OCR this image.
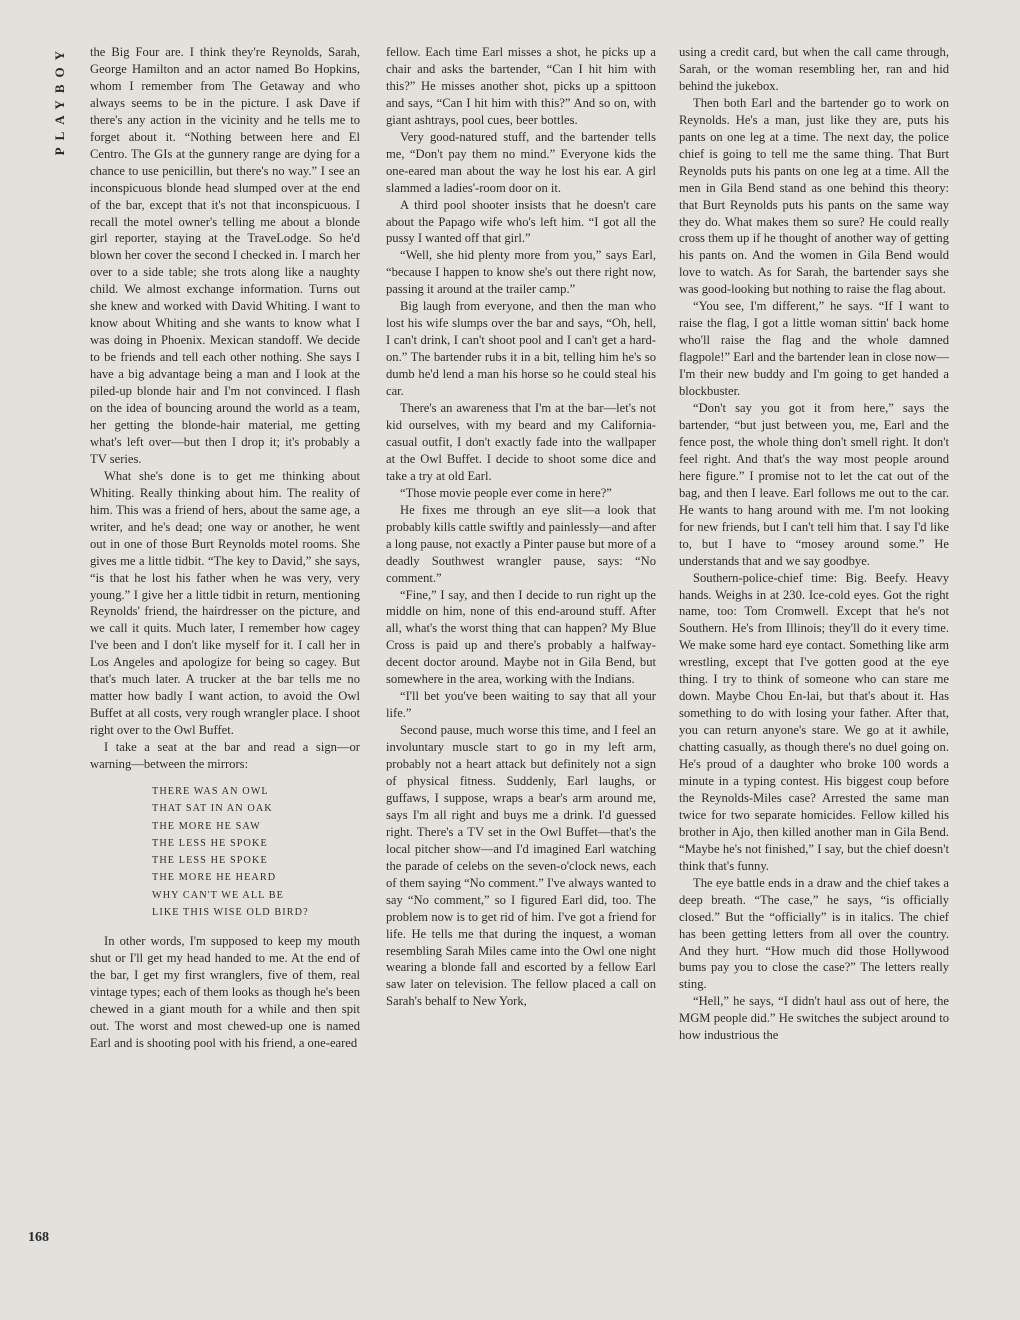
PLAYBOY
168

the Big Four are. I think they're Reynolds, Sarah, George Hamilton and an actor named Bo Hopkins, whom I remember from The Getaway and who always seems to be in the picture. I ask Dave if there's any action in the vicinity and he tells me to forget about it. “Nothing between here and El Centro. The GIs at the gunnery range are dying for a chance to use penicillin, but there's no way.” I see an inconspicuous blonde head slumped over at the end of the bar, except that it's not that inconspicuous. I recall the motel owner's telling me about a blonde girl reporter, staying at the TraveLodge. So he'd blown her cover the second I checked in. I march her over to a side table; she trots along like a naughty child. We almost exchange information. Turns out she knew and worked with David Whiting. I want to know about Whiting and she wants to know what I was doing in Phoenix. Mexican standoff. We decide to be friends and tell each other nothing. She says I have a big advantage being a man and I look at the piled-up blonde hair and I'm not convinced. I flash on the idea of bouncing around the world as a team, her getting the blonde-hair material, me getting what's left over—but then I drop it; it's probably a TV series.

What she's done is to get me thinking about Whiting. Really thinking about him. The reality of him. This was a friend of hers, about the same age, a writer, and he's dead; one way or another, he went out in one of those Burt Reynolds motel rooms. She gives me a little tidbit. “The key to David,” she says, “is that he lost his father when he was very, very young.” I give her a little tidbit in return, mentioning Reynolds' friend, the hairdresser on the picture, and we call it quits. Much later, I remember how cagey I've been and I don't like myself for it. I call her in Los Angeles and apologize for being so cagey. But that's much later. A trucker at the bar tells me no matter how badly I want action, to avoid the Owl Buffet at all costs, very rough wrangler place. I shoot right over to the Owl Buffet.

I take a seat at the bar and read a sign—or warning—between the mirrors:

THERE WAS AN OWL
THAT SAT IN AN OAK
THE MORE HE SAW
THE LESS HE SPOKE
THE LESS HE SPOKE
THE MORE HE HEARD
WHY CAN'T WE ALL BE
LIKE THIS WISE OLD BIRD?

In other words, I'm supposed to keep my mouth shut or I'll get my head handed to me. At the end of the bar, I get my first wranglers, five of them, real vintage types; each of them looks as though he's been chewed in a giant mouth for a while and then spit out. The worst and most chewed-up one is named Earl and is shooting pool with his friend, a one-eared

fellow. Each time Earl misses a shot, he picks up a chair and asks the bartender, “Can I hit him with this?” He misses another shot, picks up a spittoon and says, “Can I hit him with this?” And so on, with giant ashtrays, pool cues, beer bottles.

Very good-natured stuff, and the bartender tells me, “Don't pay them no mind.” Everyone kids the one-eared man about the way he lost his ear. A girl slammed a ladies'-room door on it.

A third pool shooter insists that he doesn't care about the Papago wife who's left him. “I got all the pussy I wanted off that girl.”

“Well, she hid plenty more from you,” says Earl, “because I happen to know she's out there right now, passing it around at the trailer camp.”

Big laugh from everyone, and then the man who lost his wife slumps over the bar and says, “Oh, hell, I can't drink, I can't shoot pool and I can't get a hard-on.” The bartender rubs it in a bit, telling him he's so dumb he'd lend a man his horse so he could steal his car.

There's an awareness that I'm at the bar—let's not kid ourselves, with my beard and my California-casual outfit, I don't exactly fade into the wallpaper at the Owl Buffet. I decide to shoot some dice and take a try at old Earl.

“Those movie people ever come in here?”

He fixes me through an eye slit—a look that probably kills cattle swiftly and painlessly—and after a long pause, not exactly a Pinter pause but more of a deadly Southwest wrangler pause, says: “No comment.”

“Fine,” I say, and then I decide to run right up the middle on him, none of this end-around stuff. After all, what's the worst thing that can happen? My Blue Cross is paid up and there's probably a halfway-decent doctor around. Maybe not in Gila Bend, but somewhere in the area, working with the Indians.

“I'll bet you've been waiting to say that all your life.”

Second pause, much worse this time, and I feel an involuntary muscle start to go in my left arm, probably not a heart attack but definitely not a sign of physical fitness. Suddenly, Earl laughs, or guffaws, I suppose, wraps a bear's arm around me, says I'm all right and buys me a drink. I'd guessed right. There's a TV set in the Owl Buffet—that's the local pitcher show—and I'd imagined Earl watching the parade of celebs on the seven-o'clock news, each of them saying “No comment.” I've always wanted to say “No comment,” so I figured Earl did, too. The problem now is to get rid of him. I've got a friend for life. He tells me that during the inquest, a woman resembling Sarah Miles came into the Owl one night wearing a blonde fall and escorted by a fellow Earl saw later on television. The fellow placed a call on Sarah's behalf to New York,

using a credit card, but when the call came through, Sarah, or the woman resembling her, ran and hid behind the jukebox.

Then both Earl and the bartender go to work on Reynolds. He's a man, just like they are, puts his pants on one leg at a time. The next day, the police chief is going to tell me the same thing. That Burt Reynolds puts his pants on one leg at a time. All the men in Gila Bend stand as one behind this theory: that Burt Reynolds puts his pants on the same way they do. What makes them so sure? He could really cross them up if he thought of another way of getting his pants on. And the women in Gila Bend would love to watch. As for Sarah, the bartender says she was good-looking but nothing to raise the flag about.

“You see, I'm different,” he says. “If I want to raise the flag, I got a little woman sittin' back home who'll raise the flag and the whole damned flagpole!” Earl and the bartender lean in close now—I'm their new buddy and I'm going to get handed a blockbuster.

“Don't say you got it from here,” says the bartender, “but just between you, me, Earl and the fence post, the whole thing don't smell right. It don't feel right. And that's the way most people around here figure.” I promise not to let the cat out of the bag, and then I leave. Earl follows me out to the car. He wants to hang around with me. I'm not looking for new friends, but I can't tell him that. I say I'd like to, but I have to “mosey around some.” He understands that and we say goodbye.

Southern-police-chief time: Big. Beefy. Heavy hands. Weighs in at 230. Ice-cold eyes. Got the right name, too: Tom Cromwell. Except that he's not Southern. He's from Illinois; they'll do it every time. We make some hard eye contact. Something like arm wrestling, except that I've gotten good at the eye thing. I try to think of someone who can stare me down. Maybe Chou En-lai, but that's about it. Has something to do with losing your father. After that, you can return anyone's stare. We go at it awhile, chatting casually, as though there's no duel going on. He's proud of a daughter who broke 100 words a minute in a typing contest. His biggest coup before the Reynolds-Miles case? Arrested the same man twice for two separate homicides. Fellow killed his brother in Ajo, then killed another man in Gila Bend. “Maybe he's not finished,” I say, but the chief doesn't think that's funny.

The eye battle ends in a draw and the chief takes a deep breath. “The case,” he says, “is officially closed.” But the “officially” is in italics. The chief has been getting letters from all over the country. And they hurt. “How much did those Hollywood bums pay you to close the case?” The letters really sting.

“Hell,” he says, “I didn't haul ass out of here, the MGM people did.” He switches the subject around to how industrious the
